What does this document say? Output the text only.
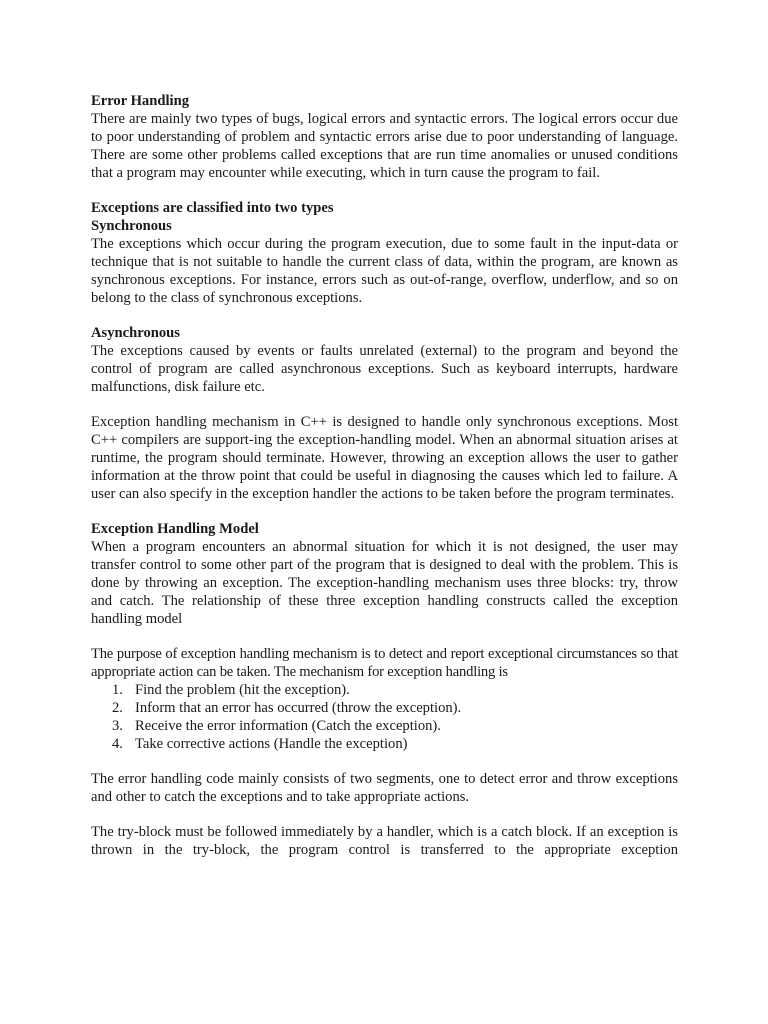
Error Handling

There are mainly two types of bugs, logical errors and syntactic errors. The logical errors occur due to poor understanding of problem and syntactic errors arise due to poor understanding of language. There are some other problems called exceptions that are run time anomalies or unused conditions that a program may encounter while executing, which in turn cause the program to fail.

Exceptions are classified into two types
Synchronous

The exceptions which occur during the program execution, due to some fault in the input-data or technique that is not suitable to handle the current class of data, within the program, are known as synchronous exceptions. For instance, errors such as out-of-range, overflow, underflow, and so on belong to the class of synchronous exceptions.

Asynchronous

The exceptions caused by events or faults unrelated (external) to the program and beyond the control of program are called asynchronous exceptions. Such as keyboard interrupts, hardware malfunctions, disk failure etc.

Exception handling mechanism in C++ is designed to handle only synchronous exceptions. Most C++ compilers are support-ing the exception-handling model. When an abnormal situation arises at runtime, the program should terminate. However, throwing an exception allows the user to gather information at the throw point that could be useful in diagnosing the causes which led to failure. A user can also specify in the exception handler the actions to be taken before the program terminates.

Exception Handling Model

When a program encounters an abnormal situation for which it is not designed, the user may transfer control to some other part of the program that is designed to deal with the problem. This is done by throwing an exception. The exception-handling mechanism uses three blocks: try, throw and catch. The relationship of these three exception handling constructs called the exception handling model

The purpose of exception handling mechanism is to detect and report exceptional circumstances so that appropriate action can be taken. The mechanism for exception handling is

1. Find the problem (hit the exception).
2. Inform that an error has occurred (throw the exception).
3. Receive the error information (Catch the exception).
4. Take corrective actions (Handle the exception)

The error handling code mainly consists of two segments, one to detect error and throw exceptions and other to catch the exceptions and to take appropriate actions.

The try-block must be followed immediately by a handler, which is a catch block. If an exception is thrown in the try-block, the program control is transferred to the appropriate exception
